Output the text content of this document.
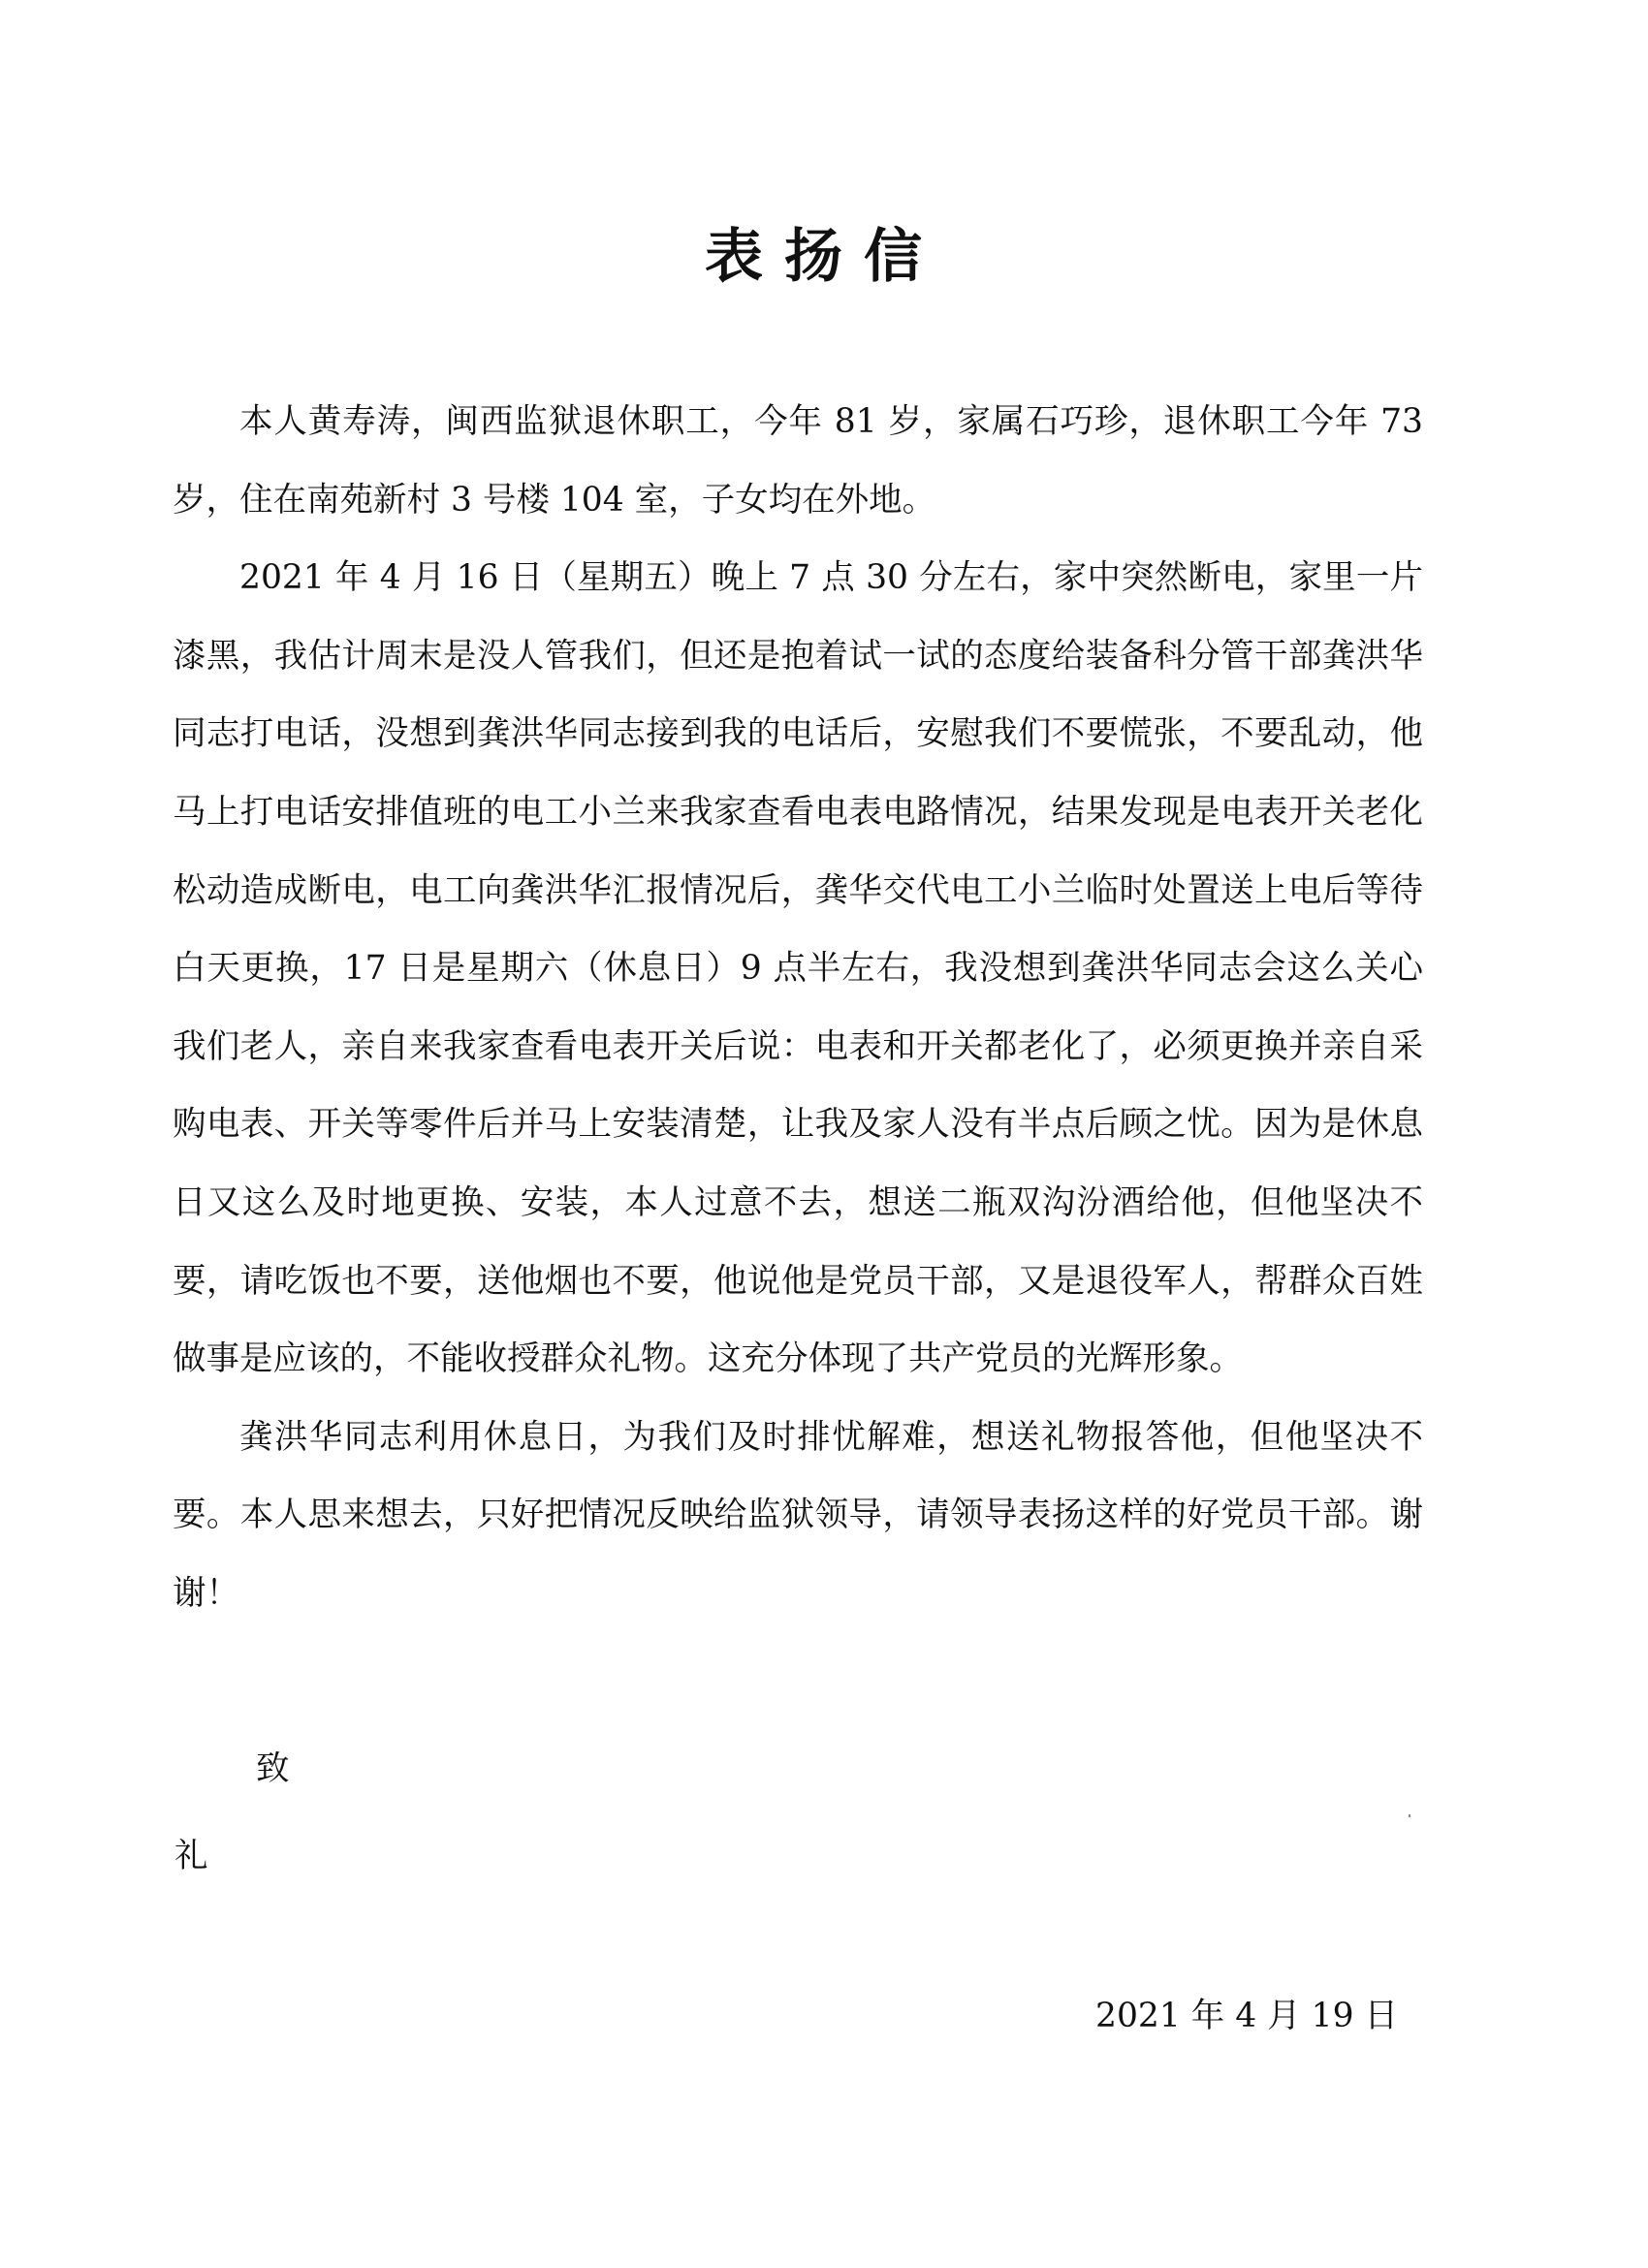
表扬信

本人黄寿涛，闽西监狱退休职工，今年 81 岁，家属石巧珍，退休职工今年 73 岁，住在南苑新村 3 号楼 104 室，子女均在外地。

2021 年 4 月 16 日（星期五）晚上 7 点 30 分左右，家中突然断电，家里一片漆黑，我估计周末是没人管我们，但还是抱着试一试的态度给装备科分管干部龚洪华同志打电话，没想到龚洪华同志接到我的电话后，安慰我们不要慌张，不要乱动，他马上打电话安排值班的电工小兰来我家查看电表电路情况，结果发现是电表开关老化松动造成断电，电工向龚洪华汇报情况后，龚华交代电工小兰临时处置送上电后等待白天更换，17 日是星期六（休息日）9 点半左右，我没想到龚洪华同志会这么关心我们老人，亲自来我家查看电表开关后说：电表和开关都老化了，必须更换并亲自采购电表、开关等零件后并马上安装清楚，让我及家人没有半点后顾之忧。因为是休息日又这么及时地更换、安装，本人过意不去，想送二瓶双沟汾酒给他，但他坚决不要，请吃饭也不要，送他烟也不要，他说他是党员干部，又是退役军人，帮群众百姓做事是应该的，不能收授群众礼物。这充分体现了共产党员的光辉形象。

龚洪华同志利用休息日，为我们及时排忧解难，想送礼物报答他，但他坚决不要。本人思来想去，只好把情况反映给监狱领导，请领导表扬这样的好党员干部。谢谢！

致
礼
2021 年 4 月 19 日
